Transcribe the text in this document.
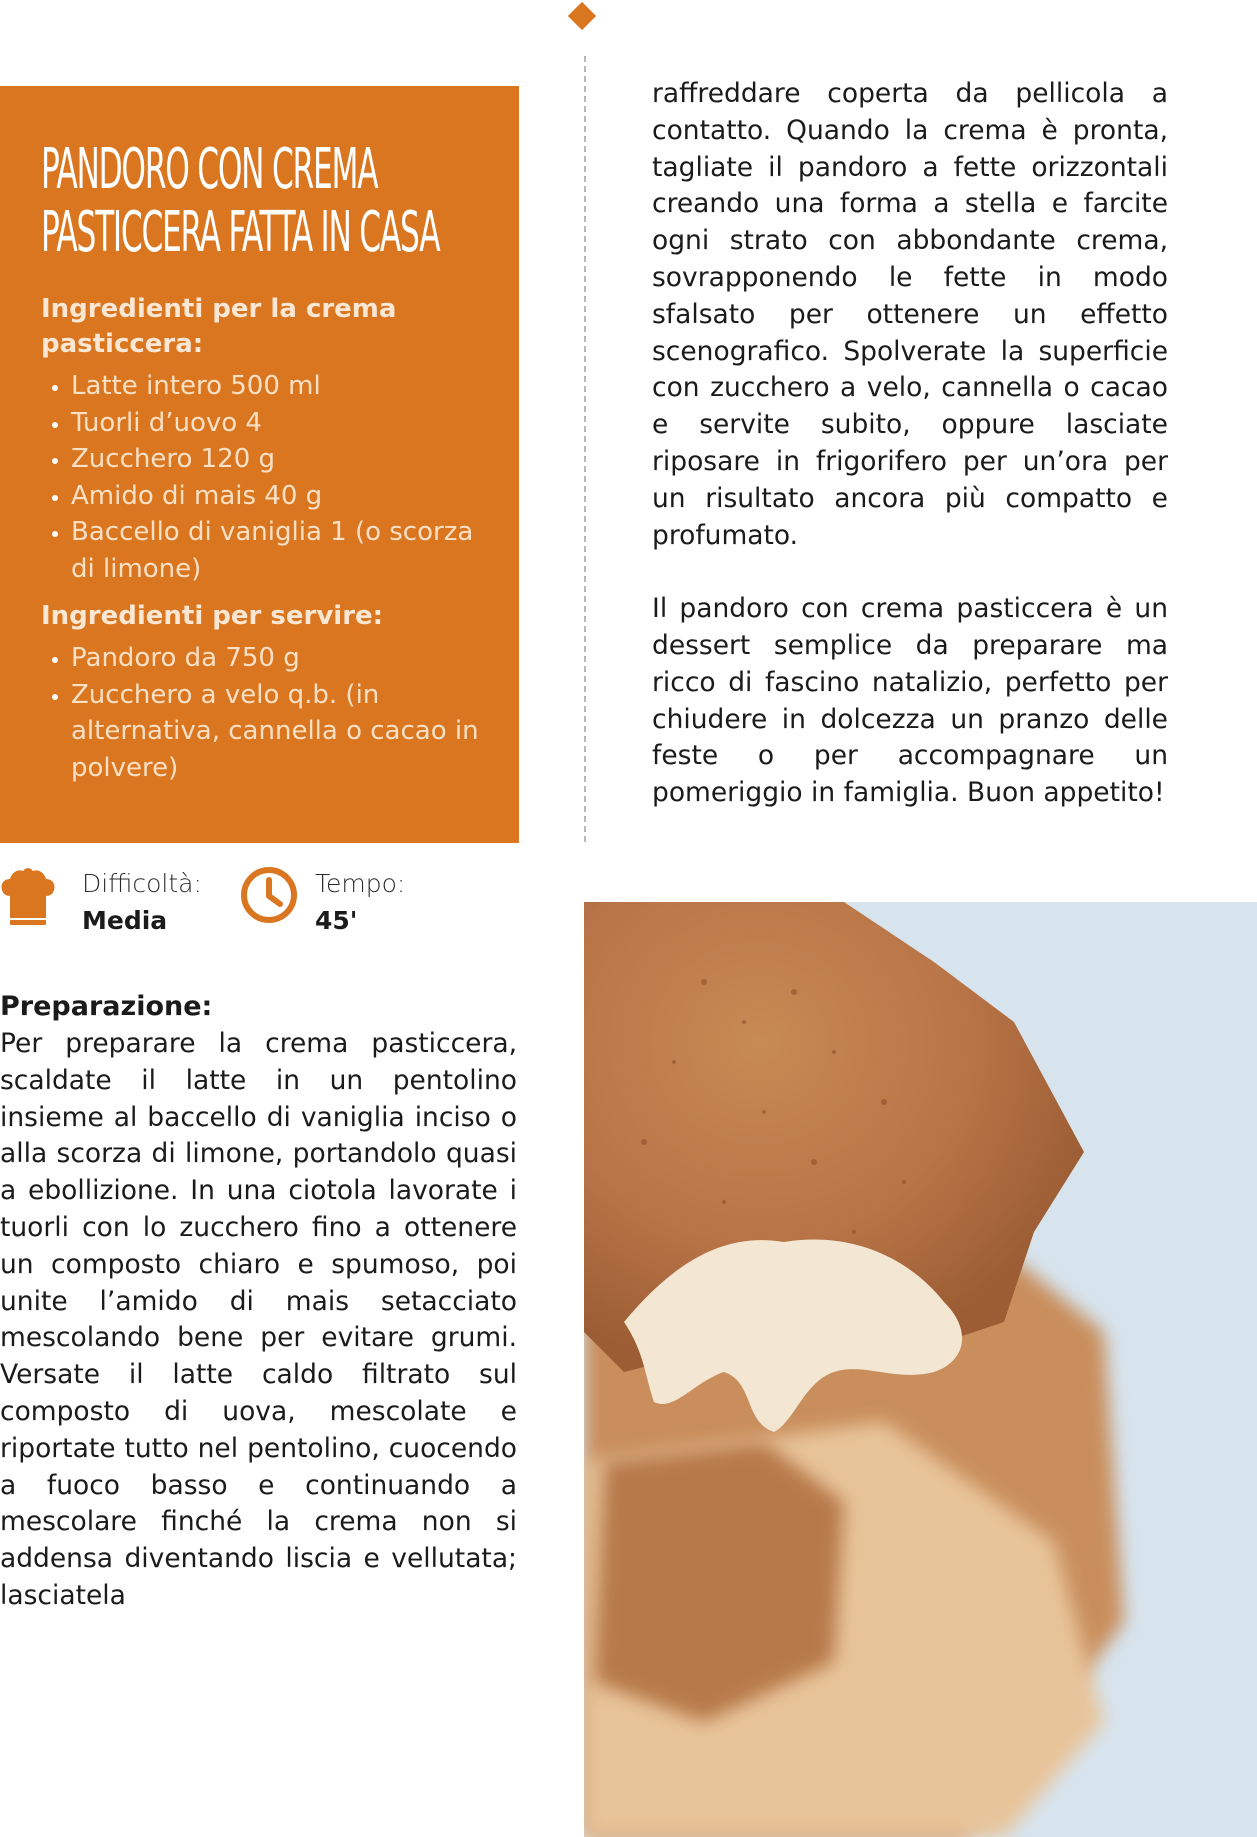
PANDORO CON CREMA PASTICCERA FATTA IN CASA
Ingredienti per la crema pasticcera:
• Latte intero 500 ml
• Tuorli d’uovo 4
• Zucchero 120 g
• Amido di mais 40 g
• Baccello di vaniglia 1 (o scorza di limone)
Ingredienti per servire:
• Pandoro da 750 g
• Zucchero a velo q.b. (in alternativa, cannella o cacao in polvere)
Difficoltà:
Media
Tempo:
45'
Preparazione:

Per preparare la crema pasticcera, scaldate il latte in un pentolino insieme al baccello di vaniglia inciso o alla scorza di limone, portandolo quasi a ebollizione. In una ciotola lavorate i tuorli con lo zucchero fino a ottenere un composto chiaro e spumoso, poi unite l’amido di mais setacciato mescolando bene per evitare grumi. Versate il latte caldo filtrato sul composto di uova, mescolate e riportate tutto nel pentolino, cuocendo a fuoco basso e continuando a mescolare finché la crema non si addensa diventando liscia e vellutata; lasciatela

raffreddare coperta da pellicola a contatto. Quando la crema è pronta, tagliate il pandoro a fette orizzontali creando una forma a stella e farcite ogni strato con abbondante crema, sovrapponendo le fette in modo sfalsato per ottenere un effetto scenografico. Spolverate la superficie con zucchero a velo, cannella o cacao e servite subito, oppure lasciate riposare in frigorifero per un’ora per un risultato ancora più compatto e profumato.

Il pandoro con crema pasticcera è un dessert semplice da preparare ma ricco di fascino natalizio, perfetto per chiudere in dolcezza un pranzo delle feste o per accompagnare un pomeriggio in famiglia. Buon appetito!
